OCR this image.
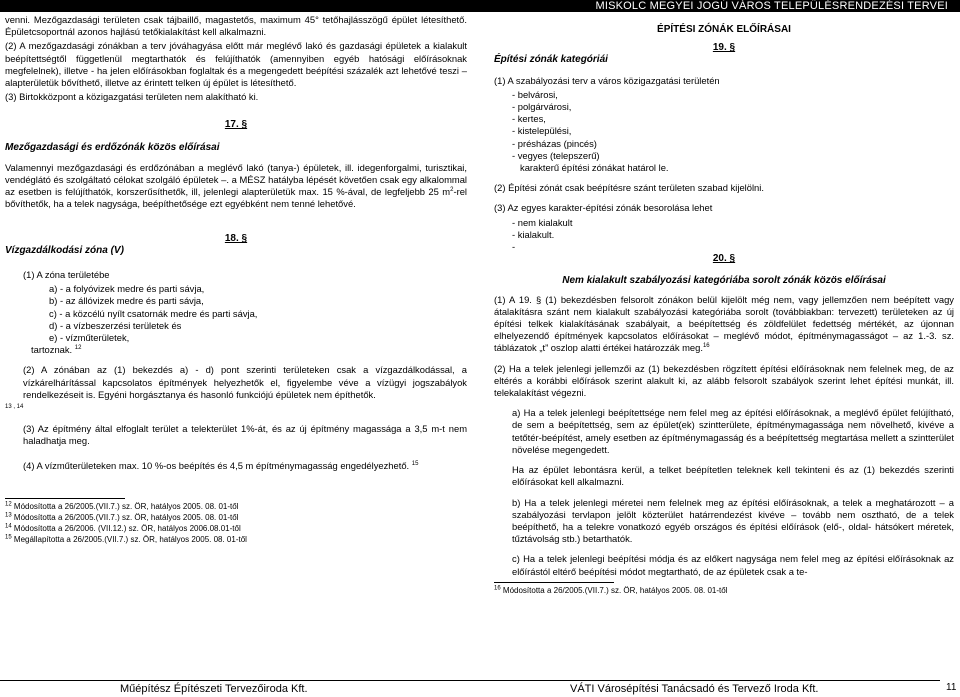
MISKOLC MEGYEI JOGÚ VÁROS TELEPÜLÉSRENDEZÉSI TERVEI

venni. Mezőgazdasági területen csak tájbaillő, magastetős, maximum 45° tetőhajlásszögű épület létesíthető. Épületcsoportnál azonos hajlású tetőkialakítást kell alkalmazni.

(2) A mezőgazdasági zónákban a terv jóváhagyása előtt már meglévő lakó és gazdasági épületek a kialakult beépítettségtől függetlenül megtarthatók és felújíthatók (amennyiben egyéb hatósági előírásoknak megfelelnek), illetve - ha jelen előírásokban foglaltak és a megengedett beépítési százalék azt lehetővé teszi – alapterületük bővíthető, illetve az érintett telken új épület is létesíthető.

(3) Birtokközpont a közigazgatási területen nem alakítható ki.

17. §

Mezőgazdasági és erdőzónák közös előírásai

Valamennyi mezőgazdasági és erdőzónában a meglévő lakó (tanya-) épületek, ill. idegenforgalmi, turisztikai, vendéglátó és szolgáltató célokat szolgáló épületek –. a MÉSZ hatályba lépését követően csak egy alkalommal az esetben is felújíthatók, korszerűsíthetők, ill, jelenlegi alapterületük max. 15 %-ával, de legfeljebb 25 $m^2$-rel bővíthetők, ha a telek nagysága, beépíthetősége ezt egyébként nem tenné lehetővé.

18. §

Vízgazdálkodási zóna (V)

(1) A zóna területébe

a) - a folyóvizek medre és parti sávja,
b) - az állóvizek medre és parti sávja,
c) - a közcélú nyílt csatornák medre és parti sávja,
d) - a vízbeszerzési területek és
e) - vízműterületek,

tartoznak. $^{12}$

(2) A zónában az (1) bekezdés a) - d) pont szerinti területeken csak a vízgazdálkodással, a vízkárelhárítással kapcsolatos építmények helyezhetők el, figyelembe véve a vízügyi jogszabályok rendelkezéseit is. Egyéni horgásztanya és hasonló funkciójú épületek nem építhetők.

$^{13 , 14}$

(3) Az építmény által elfoglalt terület a telekterület 1%-át, és az új építmény magassága a 3,5 m-t nem haladhatja meg.

(4) A vízműterületeken max. 10 %-os beépítés és 4,5 m építménymagasság engedélyezhető. $^{15}$

$^{12}$ Módosította a 26/2005.(VII.7.) sz. ÖR, hatályos 2005. 08. 01-től

$^{13}$ Módosította a 26/2005.(VII.7.) sz. ÖR, hatályos 2005. 08. 01-től

$^{14}$ Módosította a 26/2006. (VII.12.) sz. ÖR, hatályos 2006.08.01-től

$^{15}$ Megállapította a 26/2005.(VII.7.) sz. ÖR, hatályos 2005. 08. 01-től

ÉPÍTÉSI ZÓNÁK ELŐÍRÁSAI

19. §

Építési zónák kategóriái

(1) A szabályozási terv a város közigazgatási területén

- belvárosi,
- polgárvárosi,
- kertes,
- kistelepülési,
- présházas (pincés)
- vegyes (telepszerű)

karakterű építési zónákat határol le.

(2) Építési zónát csak beépítésre szánt területen szabad kijelölni.

(3) Az egyes karakter-építési zónák besorolása lehet

- nem kialakult
- kialakult.
-

20. §

Nem kialakult szabályozási kategóriába sorolt zónák közös előírásai

(1) A 19. § (1) bekezdésben felsorolt zónákon belül kijelölt még nem, vagy jellemzően nem beépített vagy átalakításra szánt nem kialakult szabályozási kategóriába sorolt (továbbiakban: tervezett) területeken az új építési telkek kialakításának szabályait, a beépítettség és zöldfelület fedettség mértékét, az újonnan elhelyezendő építmények kapcsolatos előírásokat – meglévő módot, építménymagasságot – az 1.-3. sz. táblázatok „t” oszlop alatti értékei határozzák meg.$^{16}$

(2) Ha a telek jelenlegi jellemzői az (1) bekezdésben rögzített építési előírásoknak nem felelnek meg, de az eltérés a korábbi előírások szerint alakult ki, az alább felsorolt szabályok szerint lehet építési munkát, ill. telekalakítást végezni.

a) Ha a telek jelenlegi beépítettsége nem felel meg az építési előírásoknak, a meglévő épület felújítható, de sem a beépítettség, sem az épület(ek) szintterülete, építménymagassága nem növelhető, kivéve a tetőtér-beépítést, amely esetben az építménymagasság és a beépítettség megtartása mellett a szintterület növelése megengedett.

Ha az épület lebontásra kerül, a telket beépítetlen teleknek kell tekinteni és az (1) bekezdés szerinti előírásokat kell alkalmazni.

b) Ha a telek jelenlegi méretei nem felelnek meg az építési előírásoknak, a telek a meghatározott – a szabályozási tervlapon jelölt közterület határrendezést kivéve – tovább nem osztható, de a telek beépíthető, ha a telekre vonatkozó egyéb országos és építési előírások (elő-, oldal- hátsókert méretek, tűztávolság stb.) betarthatók.

c) Ha a telek jelenlegi beépítési módja és az előkert nagysága nem felel meg az építési előírásoknak az előírástól eltérő beépítési módot megtartható, de az épületek csak a te-

$^{16}$ Módosította a 26/2005.(VII.7.) sz. ÖR, hatályos 2005. 08. 01-től

Műépítész Építészeti Tervezőiroda Kft.	VÁTI Városépítési Tanácsadó és Tervező Iroda Kft.	11
